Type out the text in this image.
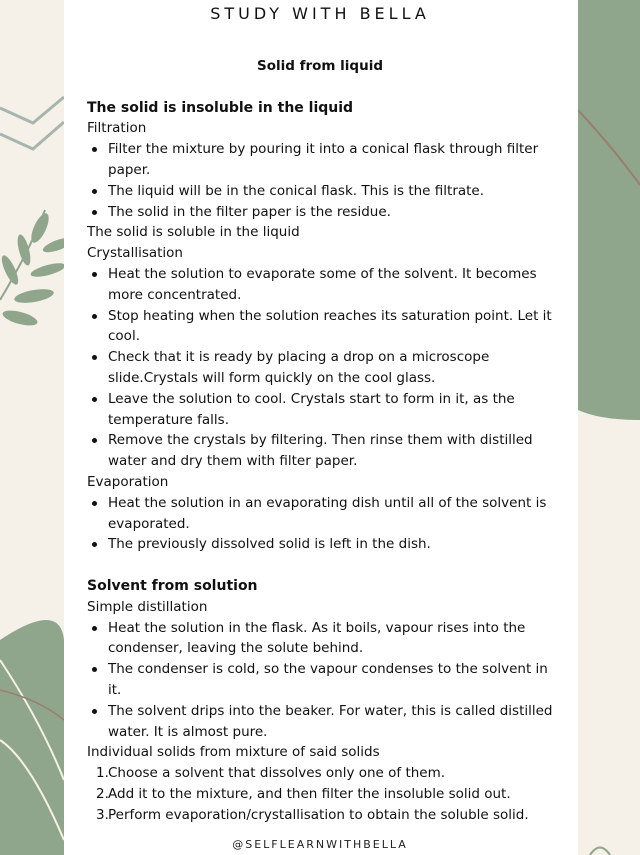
STUDY WITH BELLA
Solid from liquid
The solid is insoluble in the liquid
Filtration
Filter the mixture by pouring it into a conical flask through filter paper.
The liquid will be in the conical flask. This is the filtrate.
The solid in the filter paper is the residue.
The solid is soluble in the liquid
Crystallisation
Heat the solution to evaporate some of the solvent. It becomes more concentrated.
Stop heating when the solution reaches its saturation point. Let it cool.
Check that it is ready by placing a drop on a microscope slide.Crystals will form quickly on the cool glass.
Leave the solution to cool. Crystals start to form in it, as the temperature falls.
Remove the crystals by filtering. Then rinse them with distilled water and dry them with filter paper.
Evaporation
Heat the solution in an evaporating dish until all of the solvent is evaporated.
The previously dissolved solid is left in the dish.
Solvent from solution
Simple distillation
Heat the solution in the flask. As it boils, vapour rises into the condenser, leaving the solute behind.
The condenser is cold, so the vapour condenses to the solvent in it.
The solvent drips into the beaker. For water, this is called distilled water. It is almost pure.
Individual solids from mixture of said solids
1. Choose a solvent that dissolves only one of them.
2. Add it to the mixture, and then filter the insoluble solid out.
3. Perform evaporation/crystallisation to obtain the soluble solid.
@SELFLEARNWITHBELLA
